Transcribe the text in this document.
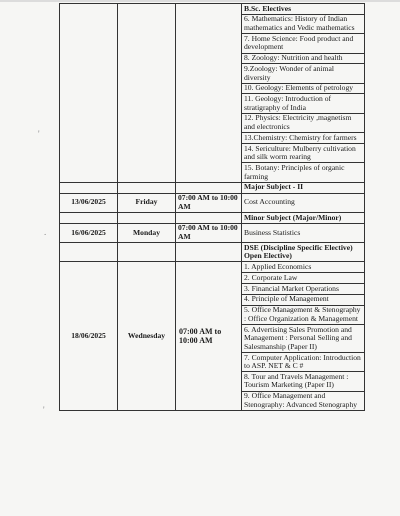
'
.
'
			B.Sc. Electives
			6. Mathematics: History of Indian mathematics and Vedic mathematics
			7. Home Science: Food product and development
			8. Zoology: Nutrition and health
			9.Zoology: Wonder of animal diversity
			10. Geology: Elements of petrology
			11. Geology: Introduction of stratigraphy of India
			12. Physics: Electricity ,magnetism and electronics
			13.Chemistry: Chemistry for farmers
			14. Sericulture: Mulberry cultivation and silk worm rearing
			15. Botany: Principles of organic farming
			Major Subject - II
13/06/2025	Friday	07:00 AM to 10:00 AM	Cost Accounting
			Minor Subject (Major/Minor)
16/06/2025	Monday	07:00 AM to 10:00 AM	Business Statistics
			DSE (Discipline Specific Elective) Open Elective)
18/06/2025	Wednesday	07:00 AM to 10:00 AM	1. Applied Economics
			2. Corporate Law
			3. Financial Market Operations
			4. Principle of Management
			5. Office Management & Stenography : Office Organization & Management
			6. Advertising Sales Promotion and Management : Personal Selling and Salesmanship (Paper II)
			7. Computer Application: Introduction to ASP. NET & C #
			8. Tour and Travels Management : Tourism Marketing (Paper II)
			9. Office Management and Stenography: Advanced Stenography
